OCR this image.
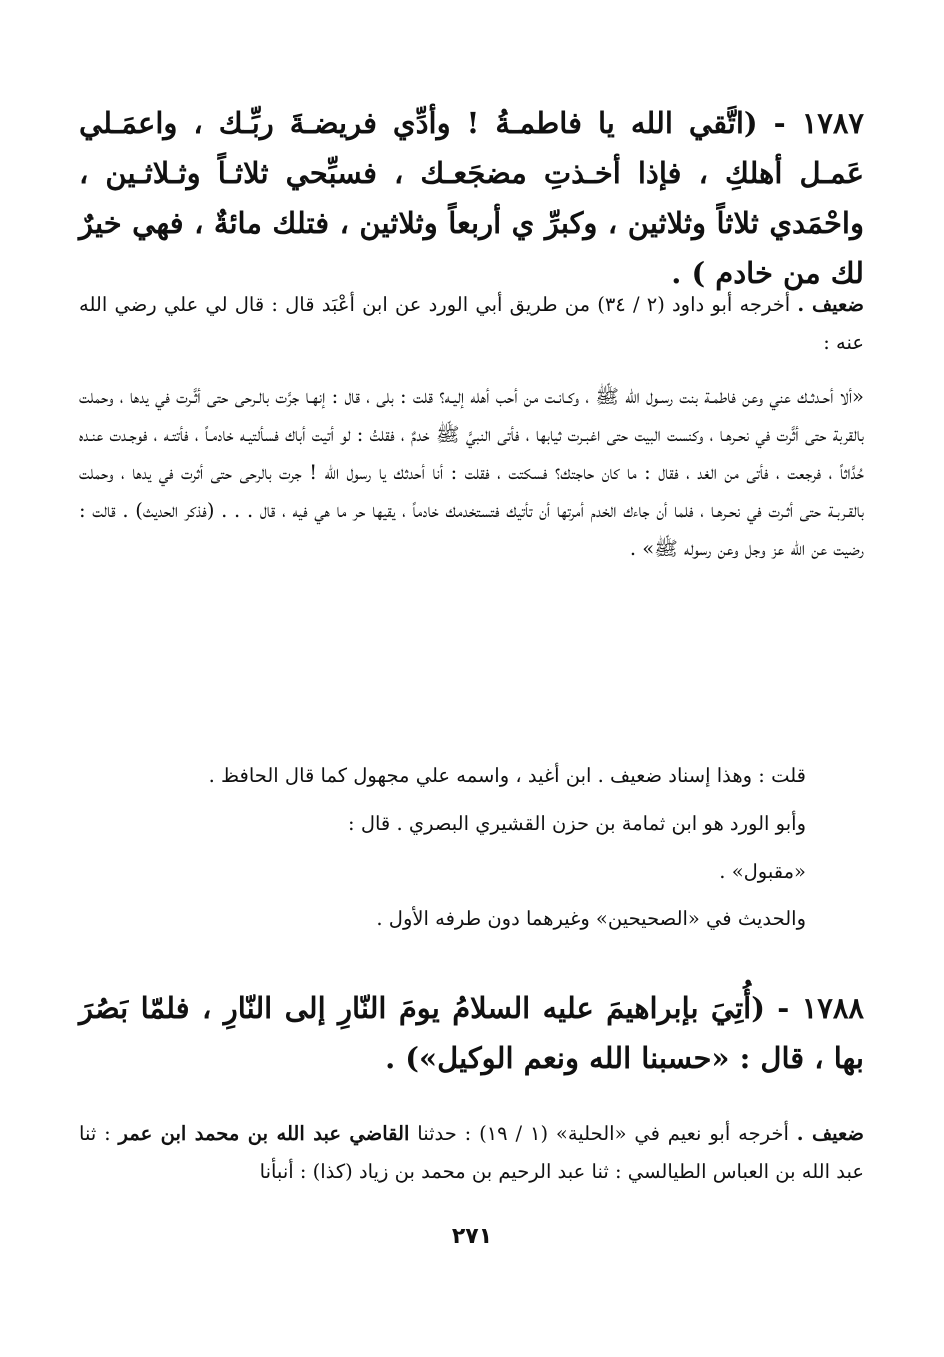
١٧٨٧ - (اتَّقي الله يا فاطمـةُ ! وأدِّي فريضـةَ ربِّـك ، واعمَـلي عَمـل أهلكِ ، فإذا أخـذتِ مضجَعـك ، فسبِّحي ثلاثـاً وثـلاثـين ، واحْمَدي ثلاثاً وثلاثين ، وكبرِّ ي أربعاً وثلاثين ، فتلك مائةٌ ، فهي خيرٌ لك من خادم ) .
ضعيف . أخرجه أبو داود (٢ / ٣٤) من طريق أبي الورد عن ابن أعْبَد قال : قال لي علي رضي الله عنه :
«ألا أحـدثـك عني وعن فاطمـة بنت رسـول الله ﷺ ، وكـانـت من أحب أهله إليـه؟ قلت : بلى ، قال : إنهـا جرَّت بالـرحى حتى أثَّـرت في يدها ، وحملت بالقربة حتى أثَّرت في نحـرهـا ، وكنست البيت حتى اغبـرت ثيابها ، فأتى النبيَّ ﷺ خدمٌ ، فقلتُ : لو أتيت أباك فسألتيـه خادمـاً ، فأتتـه ، فوجـدت عنـده حُدَّاثاً ، فرجعت ، فأتى من الغد ، فقال : ما كان حاجتك؟ فسكتت ، فقلت : أنا أحدثك يا رسول الله ! جرت بالرحى حتى أثرت في يدها ، وحملت بالقـربـة حتى أثـرت في نحـرهـا ، فلما أن جاءك الخدم أمرتها أن تأتيك فتستخدمك خادماً ، يقيها حر ما هي فيه ، قال . . . (فذكر الحديث) . قالت : رضيت عن الله عز وجل وعن رسوله ﷺ» .
قلت : وهذا إسناد ضعيف . ابن أغيد ، واسمه علي مجهول كما قال الحافظ .
وأبو الورد هو ابن ثمامة بن حزن القشيري البصري . قال :
«مقبول» .
والحديث في «الصحيحين» وغيرهما دون طرفه الأول .
١٧٨٨ - (أُتِيَ بإبراهيمَ عليه السلامُ يومَ النّارِ إلى النّارِ ، فلمّا بَصُرَ بها ، قال : «حسبنا الله ونعم الوكيل») .
ضعيف . أخرجه أبو نعيم في «الحلية» (١ / ١٩) : حدثنا القاضي عبد الله بن محمد ابن عمر : ثنا عبد الله بن العباس الطيالسي : ثنا عبد الرحيم بن محمد بن زياد (كذا) : أنبأنا
٢٧١
